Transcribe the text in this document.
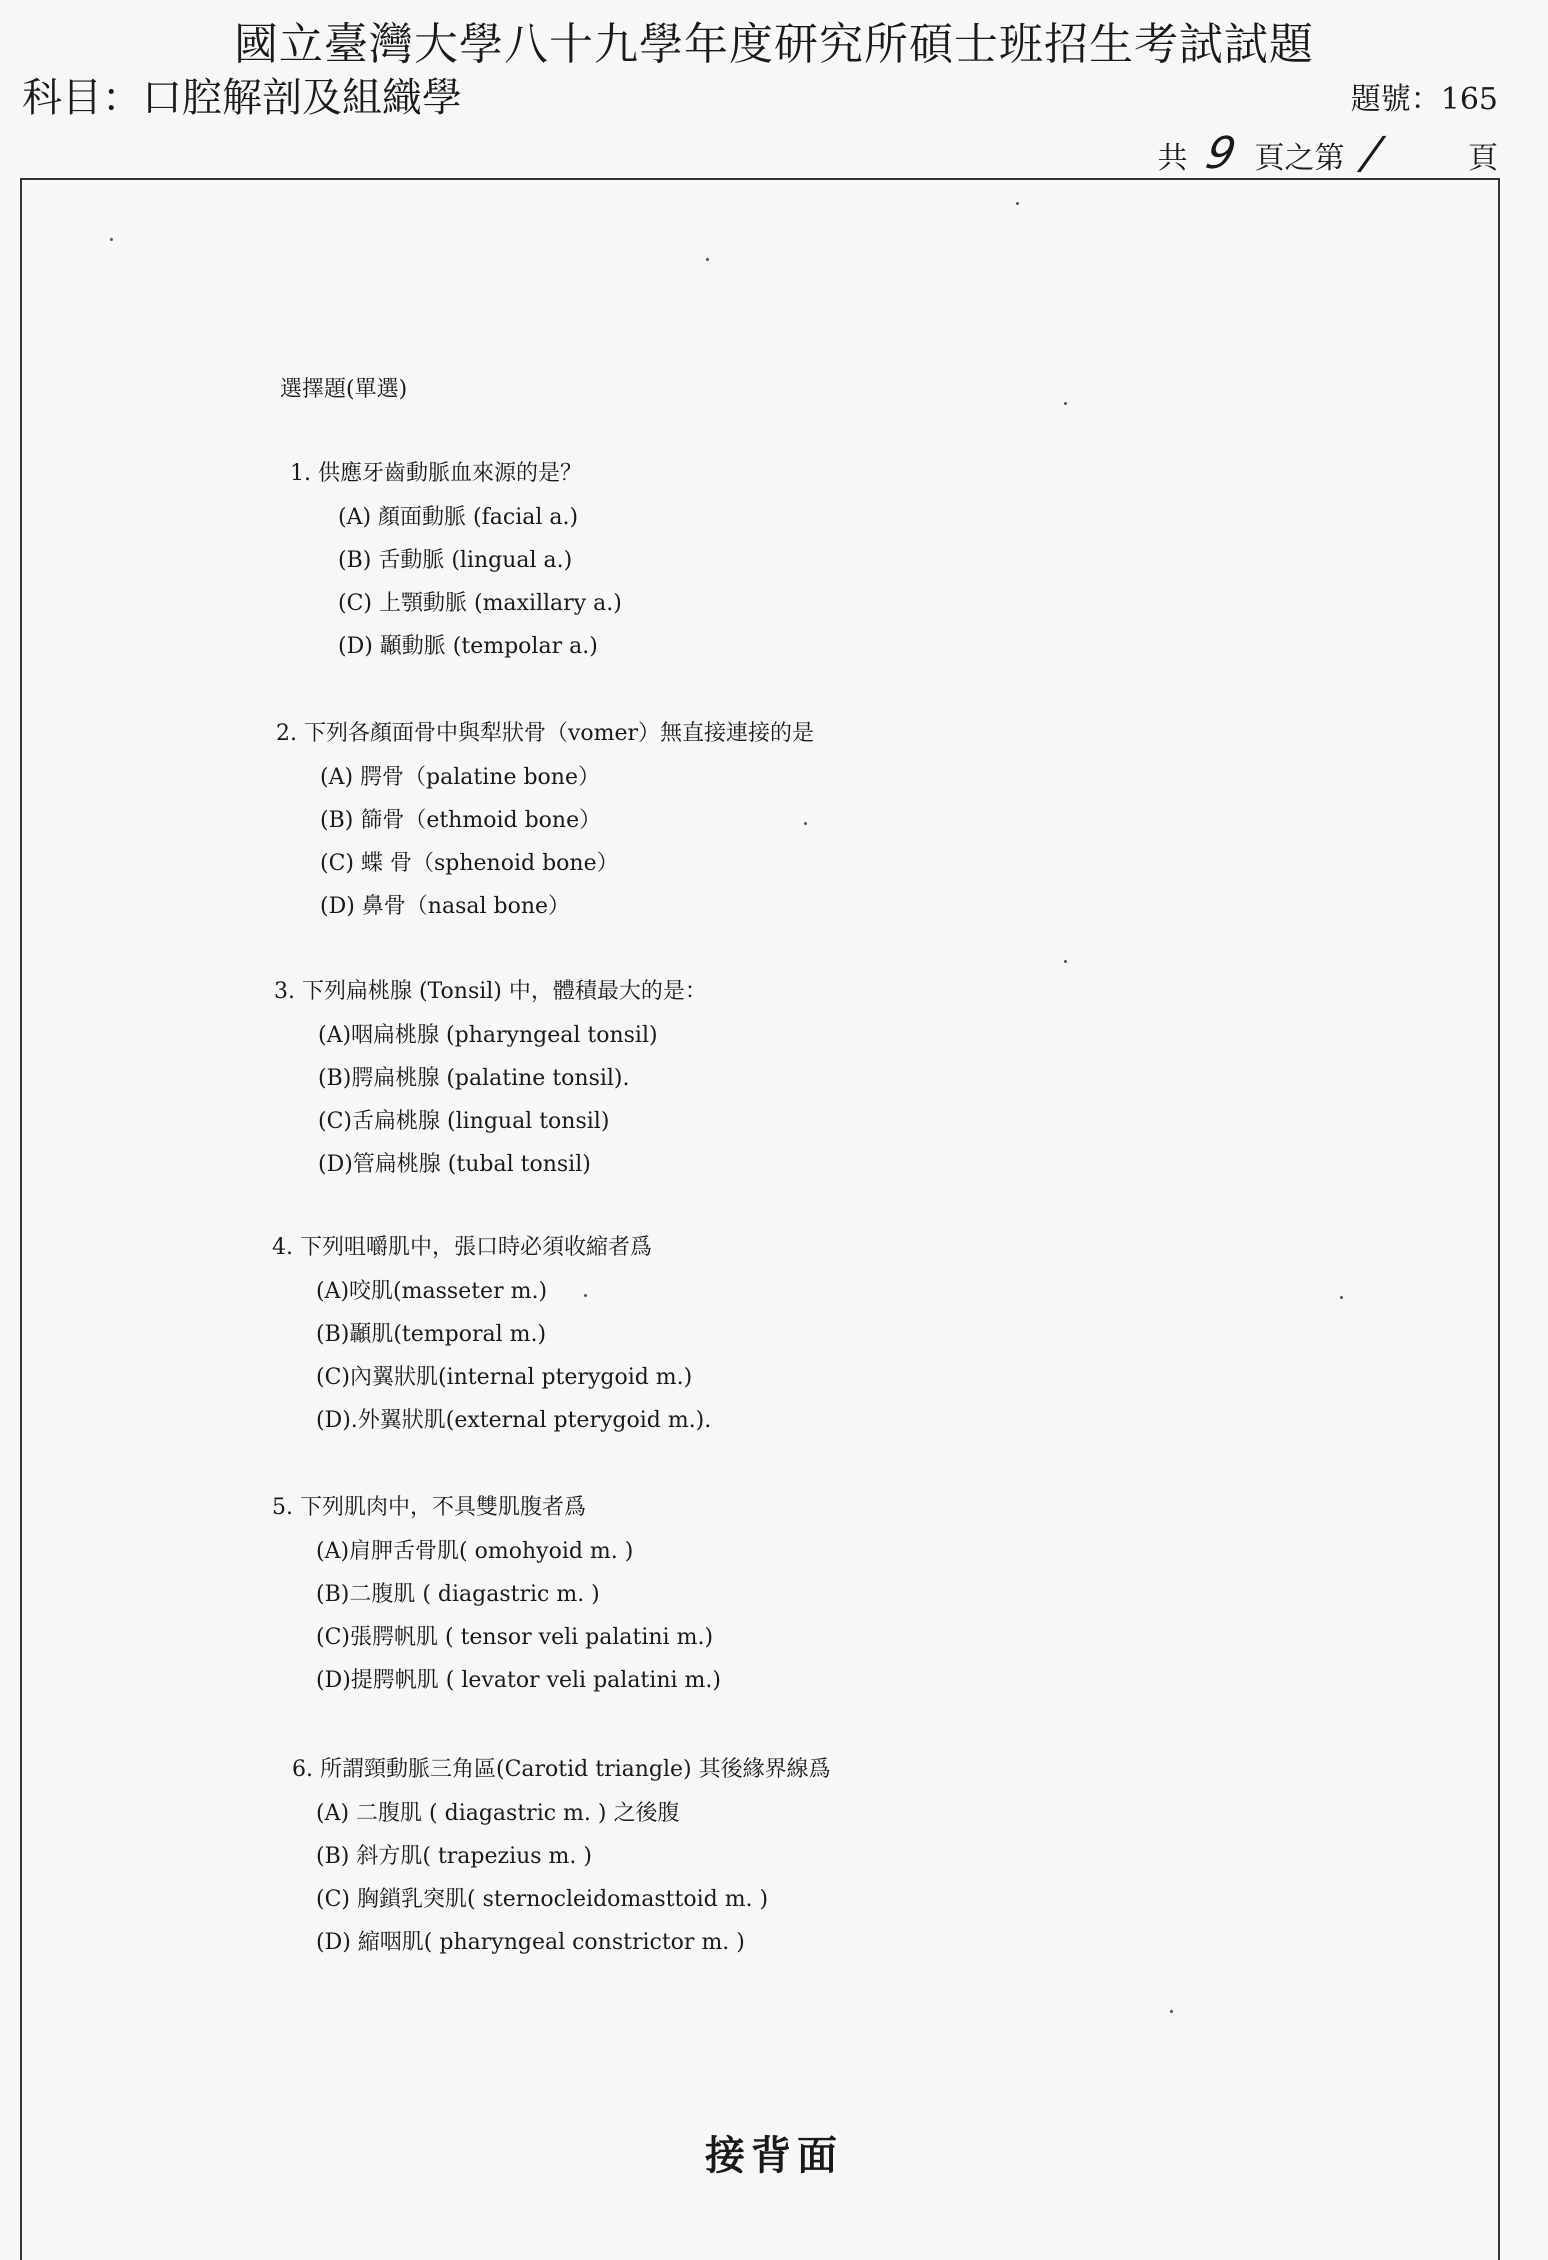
國立臺灣大學八十九學年度研究所碩士班招生考試試題
科目：口腔解剖及組織學	題號：165
共 9 頁之第 /	頁
選擇題(單選)
1. 供應牙齒動脈血來源的是？
(A) 顏面動脈 (facial a.)
(B) 舌動脈 (lingual a.)
(C) 上顎動脈 (maxillary a.)
(D) 顳動脈 (tempolar a.)
2. 下列各顏面骨中與犁狀骨（vomer）無直接連接的是
(A) 腭骨（palatine bone）
(B) 篩骨（ethmoid bone）
(C) 蝶 骨（sphenoid bone）
(D) 鼻骨（nasal bone）
3. 下列扁桃腺 (Tonsil) 中，體積最大的是：
(A)咽扁桃腺 (pharyngeal tonsil)
(B)腭扁桃腺 (palatine tonsil).
(C)舌扁桃腺 (lingual tonsil)
(D)管扁桃腺 (tubal tonsil)
4. 下列咀嚼肌中，張口時必須收縮者爲
(A)咬肌(masseter m.)
(B)顳肌(temporal m.)
(C)內翼狀肌(internal pterygoid m.)
(D).外翼狀肌(external pterygoid m.).
5. 下列肌肉中，不具雙肌腹者爲
(A)肩胛舌骨肌( omohyoid m. )
(B)二腹肌 ( diagastric m. )
(C)張腭帆肌 ( tensor veli palatini m.)
(D)提腭帆肌 ( levator veli palatini m.)
6. 所謂頸動脈三角區(Carotid triangle) 其後緣界線爲
(A) 二腹肌 ( diagastric m. ) 之後腹
(B) 斜方肌( trapezius m. )
(C) 胸鎖乳突肌( sternocleidomasttoid m. )
(D) 縮咽肌( pharyngeal constrictor m. )
接背面
